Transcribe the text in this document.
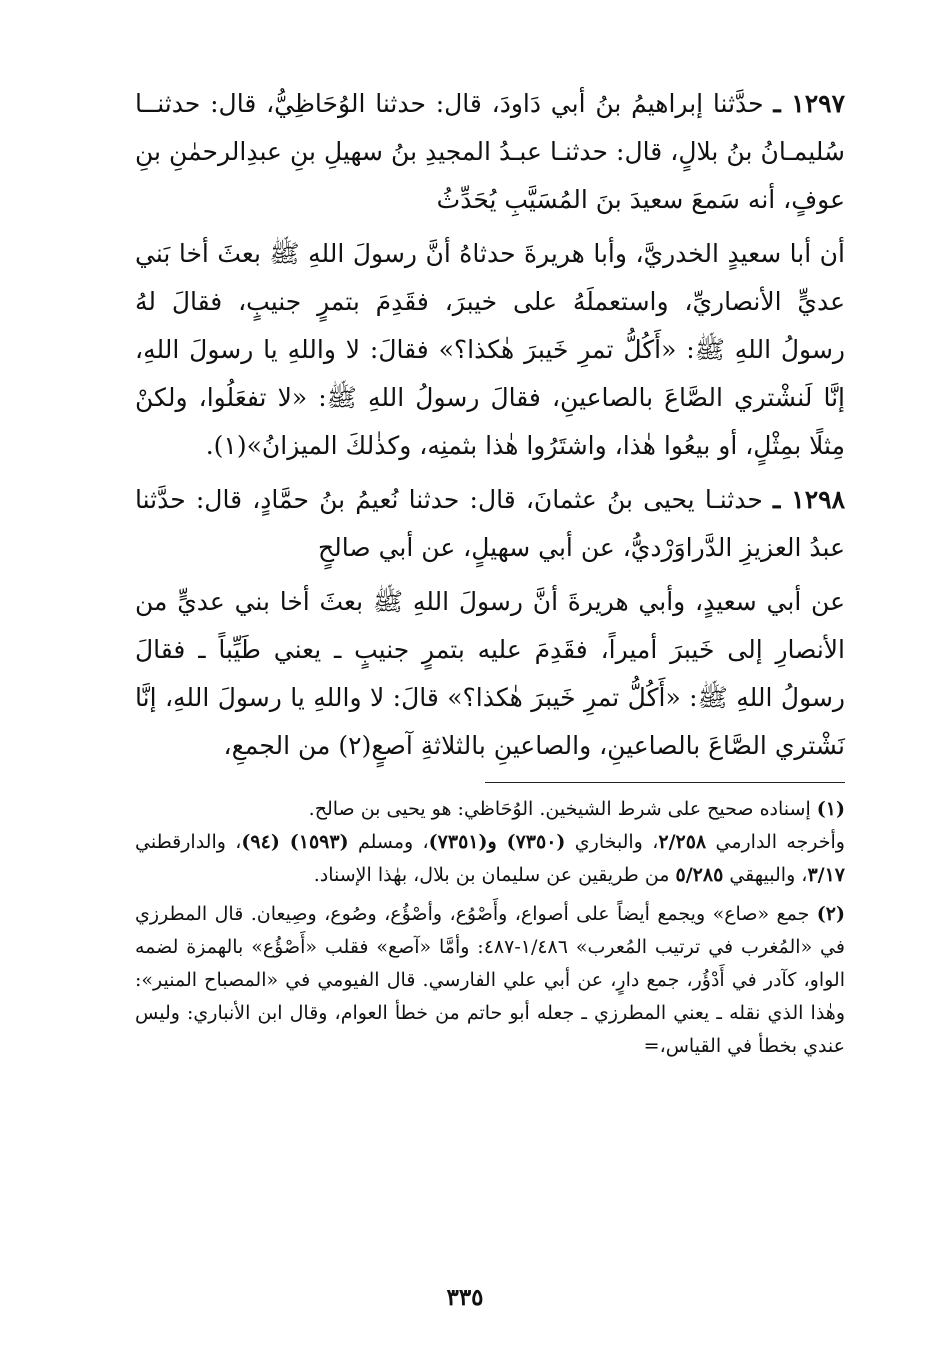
١٢٩٧ ـ حدَّثنا إبراهيمُ بنُ أبي دَاودَ، قال: حدثنا الوُحَاظِيُّ، قال: حدثنــا سُليمـانُ بنُ بلالٍ، قال: حدثنـا عبـدُ المجيدِ بنُ سهيلِ بنِ عبدِالرحمٰنِ بنِ عوفٍ، أنه سَمعَ سعيدَ بنَ المُسَيَّبِ يُحَدِّثُ

أن أبا سعيدٍ الخدريَّ، وأبا هريرةَ حدثاهُ أنَّ رسولَ اللهِ ﷺ بعثَ أخا بَني عديٍّ الأنصاريِّ، واستعملَهُ على خيبرَ، فقَدِمَ بتمرٍ جنيبٍ، فقالَ لهُ رسولُ اللهِ ﷺ: «أَكُلُّ تمرِ خَيبرَ هٰكذا؟» فقالَ: لا واللهِ يا رسولَ اللهِ، إنَّا لَنشْتري الصَّاعَ بالصاعينِ، فقالَ رسولُ اللهِ ﷺ: «لا تفعَلُوا، ولكنْ مِثلًا بمِثْلٍ، أو بيعُوا هٰذا، واشتَرُوا هٰذا بثمنِه، وكذٰلكَ الميزانُ»(١).

١٢٩٨ ـ حدثنـا يحيى بنُ عثمانَ، قال: حدثنا نُعيمُ بنُ حمَّادٍ، قال: حدَّثنا عبدُ العزيزِ الدَّراوَرْديُّ، عن أبي سهيلٍ، عن أبي صالحٍ

عن أبي سعيدٍ، وأبي هريرةَ أنَّ رسولَ اللهِ ﷺ بعثَ أخا بني عديٍّ من الأنصارِ إلى خَيبرَ أميراً، فقَدِمَ عليه بتمرٍ جنيبٍ ـ يعني طَيِّباً ـ فقالَ رسولُ اللهِ ﷺ: «أَكُلُّ تمرِ خَيبرَ هٰكذا؟» قالَ: لا واللهِ يا رسولَ اللهِ، إنَّا نَشْتري الصَّاعَ بالصاعينِ، والصاعينِ بالثلاثةِ آصعٍ(٢) من الجمعِ،

(١) إسناده صحيح على شرط الشيخين. الوُحَاظي: هو يحيى بن صالح.
وأخرجه الدارمي ٢/٢٥٨، والبخاري (٧٣٥٠) و(٧٣٥١)، ومسلم (١٥٩٣) (٩٤)، والدارقطني ٣/١٧، والبيهقي ٥/٢٨٥ من طريقين عن سليمان بن بلال، بهٰذا الإسناد.

(٢) جمع «صاع» ويجمع أيضاً على أصواع، وأَصْوُع، وأصْؤُع، وصُوع، وصِيعان. قال المطرزي في «المُغرب في ترتيب المُعرب» ١/٤٨٦-٤٨٧: وأمَّا «آصع» فقلب «أَصْؤُع» بالهمزة لضمه الواو، كآدر في أَدْؤُر، جمع دارٍ، عن أبي علي الفارسي. قال الفيومي في «المصباح المنير»: وهٰذا الذي نقله ـ يعني المطرزي ـ جعله أبو حاتم من خطأ العوام، وقال ابن الأنباري: وليس عندي بخطأ في القياس،=

٣٣٥
